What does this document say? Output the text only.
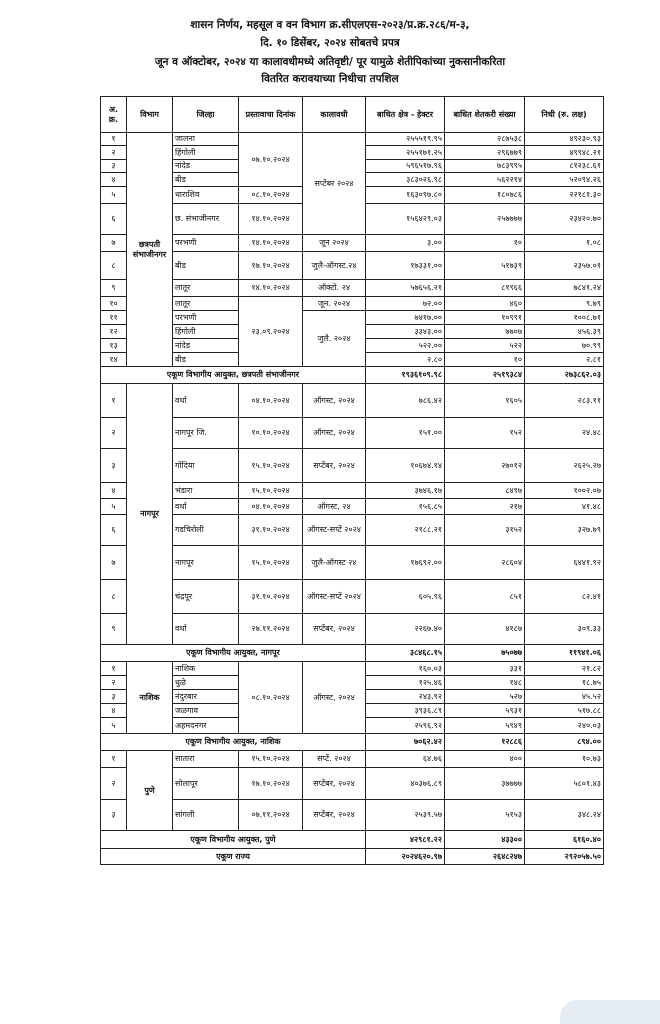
शासन निर्णय, महसूल व वन विभाग क्र.सीएलएस-२०२३/प्र.क्र.२८६/म-३,
दि. १० डिसेंबर, २०२४ सोबतचे प्रपत्र
जून व ऑक्टोबर, २०२४ या कालावधीमध्ये अतिवृष्टी/ पूर यामुळे शेतीपिकांच्या नुकसानीकरिता
वितरित करावयाच्या निधीचा तपशिल
अ. क्र.	विभाग	जिल्हा	प्रस्तावाचा दिनांक	कालावधी	बाधित क्षेत्र - हेक्टर	बाधित शेतकरी संख्या	निधी (रु. लक्ष)
१	छत्रपती संभाजीनगर	जालना	०७.१०.२०२४	सप्टेंबर २०२४	२५५५१९.९५	२८७५३८	४९२३०.९३
२		हिंगोली			२५५१७१.२५	२९६७७९	४९९४८.२१
३		नांदेड			५९६५१७.९६	७८३९९५	८१२३८.६१
४		बीड			३८३०२६.९८	५६२२१४	५२०९४.२६
५		धाराशिव	०८.१०.२०२४		१६३०९७.८०	१८०७८६	२२१८१.३०
६		छ. संभाजीनगर	१४.१०.२०२४		१५६४२९.०३	२५७७७७	२३४२०.७०
७		परभणी	१४.१०.२०२४	जून २०२४	३.००	१०	१.०८
८		बीड	१७.१०.२०२४	जुलै-ऑगस्ट.२४	१७३३१.००	५१७३९	२३५७.०१
९		लातूर	१४.१०.२०२४	ऑक्टो. २४	५७६५६.२१	८१९६६	७८४१.२४
१०		लातूर	२३.०९.२०२४	जून. २०२४	७२.००	४६०	९.७९
११		परभणी		जुलै. २०२४	७४१७.००	१०९९१	१००८.७१
१२		हिंगोली			३३४३.००	७७०७	४५६.३९
१३		नांदेड			५२२.००	५२२	७०.९९
१४		बीड			२.८०	१०	२.८१
एकूण विभागीय आयुक्त, छत्रपती संभाजीनगर					१९३६१०९.९८	२५१९३८४	२७३८६२.०३
१	नागपूर	वर्धा	०४.१०.२०२४	ऑगस्ट, २०२४	७८६.४२	१६०५	२८३.११
२		नागपूर जि.	१०.१०.२०२४	ऑगस्ट, २०२४	१५१.००	१५२	२४.४८
३		गोंदिया	१५.१०.२०२४	सप्टेंबर, २०२४	१०६७४.१४	२७०१२	२६२५.२७
४		भंडारा	१५.१०.२०२४		३७४६.१७	८४९७	१००२.०७
५		वर्धा	०४.१०.२०२४	ऑगस्ट, २४	१५६.८५	२१७	४१.४८
६		गडचिरोली	३१.१०.२०२४	ऑगस्ट-सप्टें २०२४	२१८८.२१	३१५२	३२७.७९
७		नागपूर	१५.१०.२०२४	जुलै-ऑगस्ट २४	१७६९२.००	२८६०४	६४४१.९२
८		चंद्रपूर	३१.१०.२०२४	ऑगस्ट-सप्टें २०२४	६०५.९६	८५१	८२.४१
९		वर्धा	२७.११.२०२४	सप्टेंबर, २०२४	२२६७.४०	४१८७	३०९.३३
एकूण विभागीय आयुक्त, नागपूर					३८४६८.१५	७५०७७	११९४१.०६
१	नाशिक	नाशिक	०८.१०.२०२४	ऑगस्ट, २०२४	१६०.०३	३३१	२१.८२
२		धुळे			१२५.४६	१४८	१८.७५
३		नंदुरबार			२४३.९२	५२७	४५.५२
४		जळगाव			३९३६.८९	५९३१	५१७.८८
५		अहमदनगर			२५९६.९२	५९४९	२४०.०३
एकूण विभागीय आयुक्त, नाशिक					७०६२.४२	१२८८६	८९४.००
१	पुणे	सातारा	१५.१०.२०२४	सप्टें. २०२४	६४.७६	४००	१०.७३
२		सोलापूर	१७.१०.२०२४	सप्टेंबर, २०२४	४०३७६.८९	३७७७७	५८०१.४३
३		सांगली	०७.११.२०२४	सप्टेंबर, २०२४	२५३९.५७	५१५३	३४८.२४
एकूण विभागीय आयुक्त, पुणे					४२९८१.२२	४३३००	६१६०.४०
एकूण राज्य					२०२४६२०.९७	२६४८२४७	२९२०५७.५०
